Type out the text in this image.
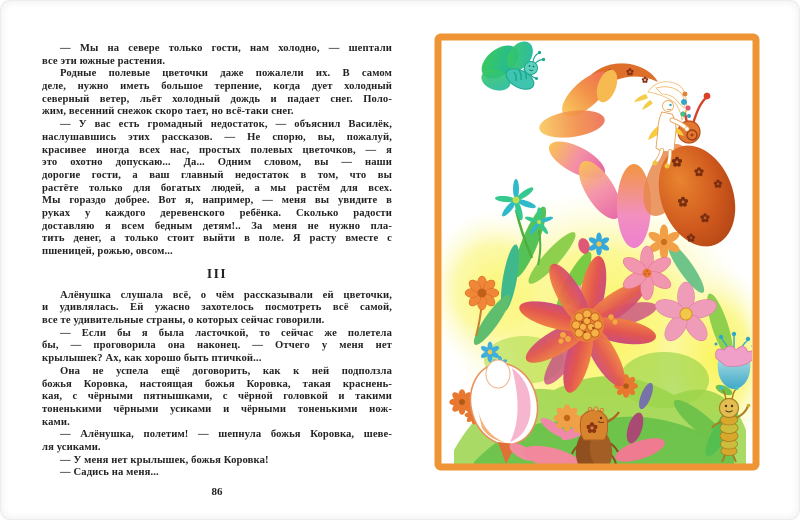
— Мы на севере только гости, нам холодно, — шептали
все эти южные растения.
Родные полевые цветочки даже пожалели их. В самом
деле, нужно иметь большое терпение, когда дует холодный
северный ветер, льёт холодный дождь и падает снег. Поло-
жим, весенний снежок скоро тает, но всё-таки снег.
— У вас есть громадный недостаток, — объяснил Василёк,
наслушавшись этих рассказов. — Не спорю, вы, пожалуй,
красивее иногда всех нас, простых полевых цветочков, — я
это охотно допускаю... Да... Одним словом, вы — наши
дорогие гости, а ваш главный недостаток в том, что вы
растёте только для богатых людей, а мы растём для всех.
Мы гораздо добрее. Вот я, например, — меня вы увидите в
руках у каждого деревенского ребёнка. Сколько радости
доставляю я всем бедным детям!.. За меня не нужно пла-
тить денег, а только стоит выйти в поле. Я расту вместе с
пшеницей, рожью, овсом...
III
Алёнушка слушала всё, о чём рассказывали ей цветочки,
и удивлялась. Ей ужасно захотелось посмотреть всё самой,
все те удивительные страны, о которых сейчас говорили.
— Если бы я была ласточкой, то сейчас же полетела
бы, — проговорила она наконец. — Отчего у меня нет
крылышек? Ах, как хорошо быть птичкой...
Она не успела ещё договорить, как к ней подползла
божья Коровка, настоящая божья Коровка, такая краснень-
кая, с чёрными пятнышками, с чёрной головкой и такими
тоненькими чёрными усиками и чёрными тоненькими нож-
ками.
— Алёнушка, полетим! — шепнула божья Коровка, шеве-
ля усиками.
— У меня нет крылышек, божья Коровка!
— Садись на меня...
86
